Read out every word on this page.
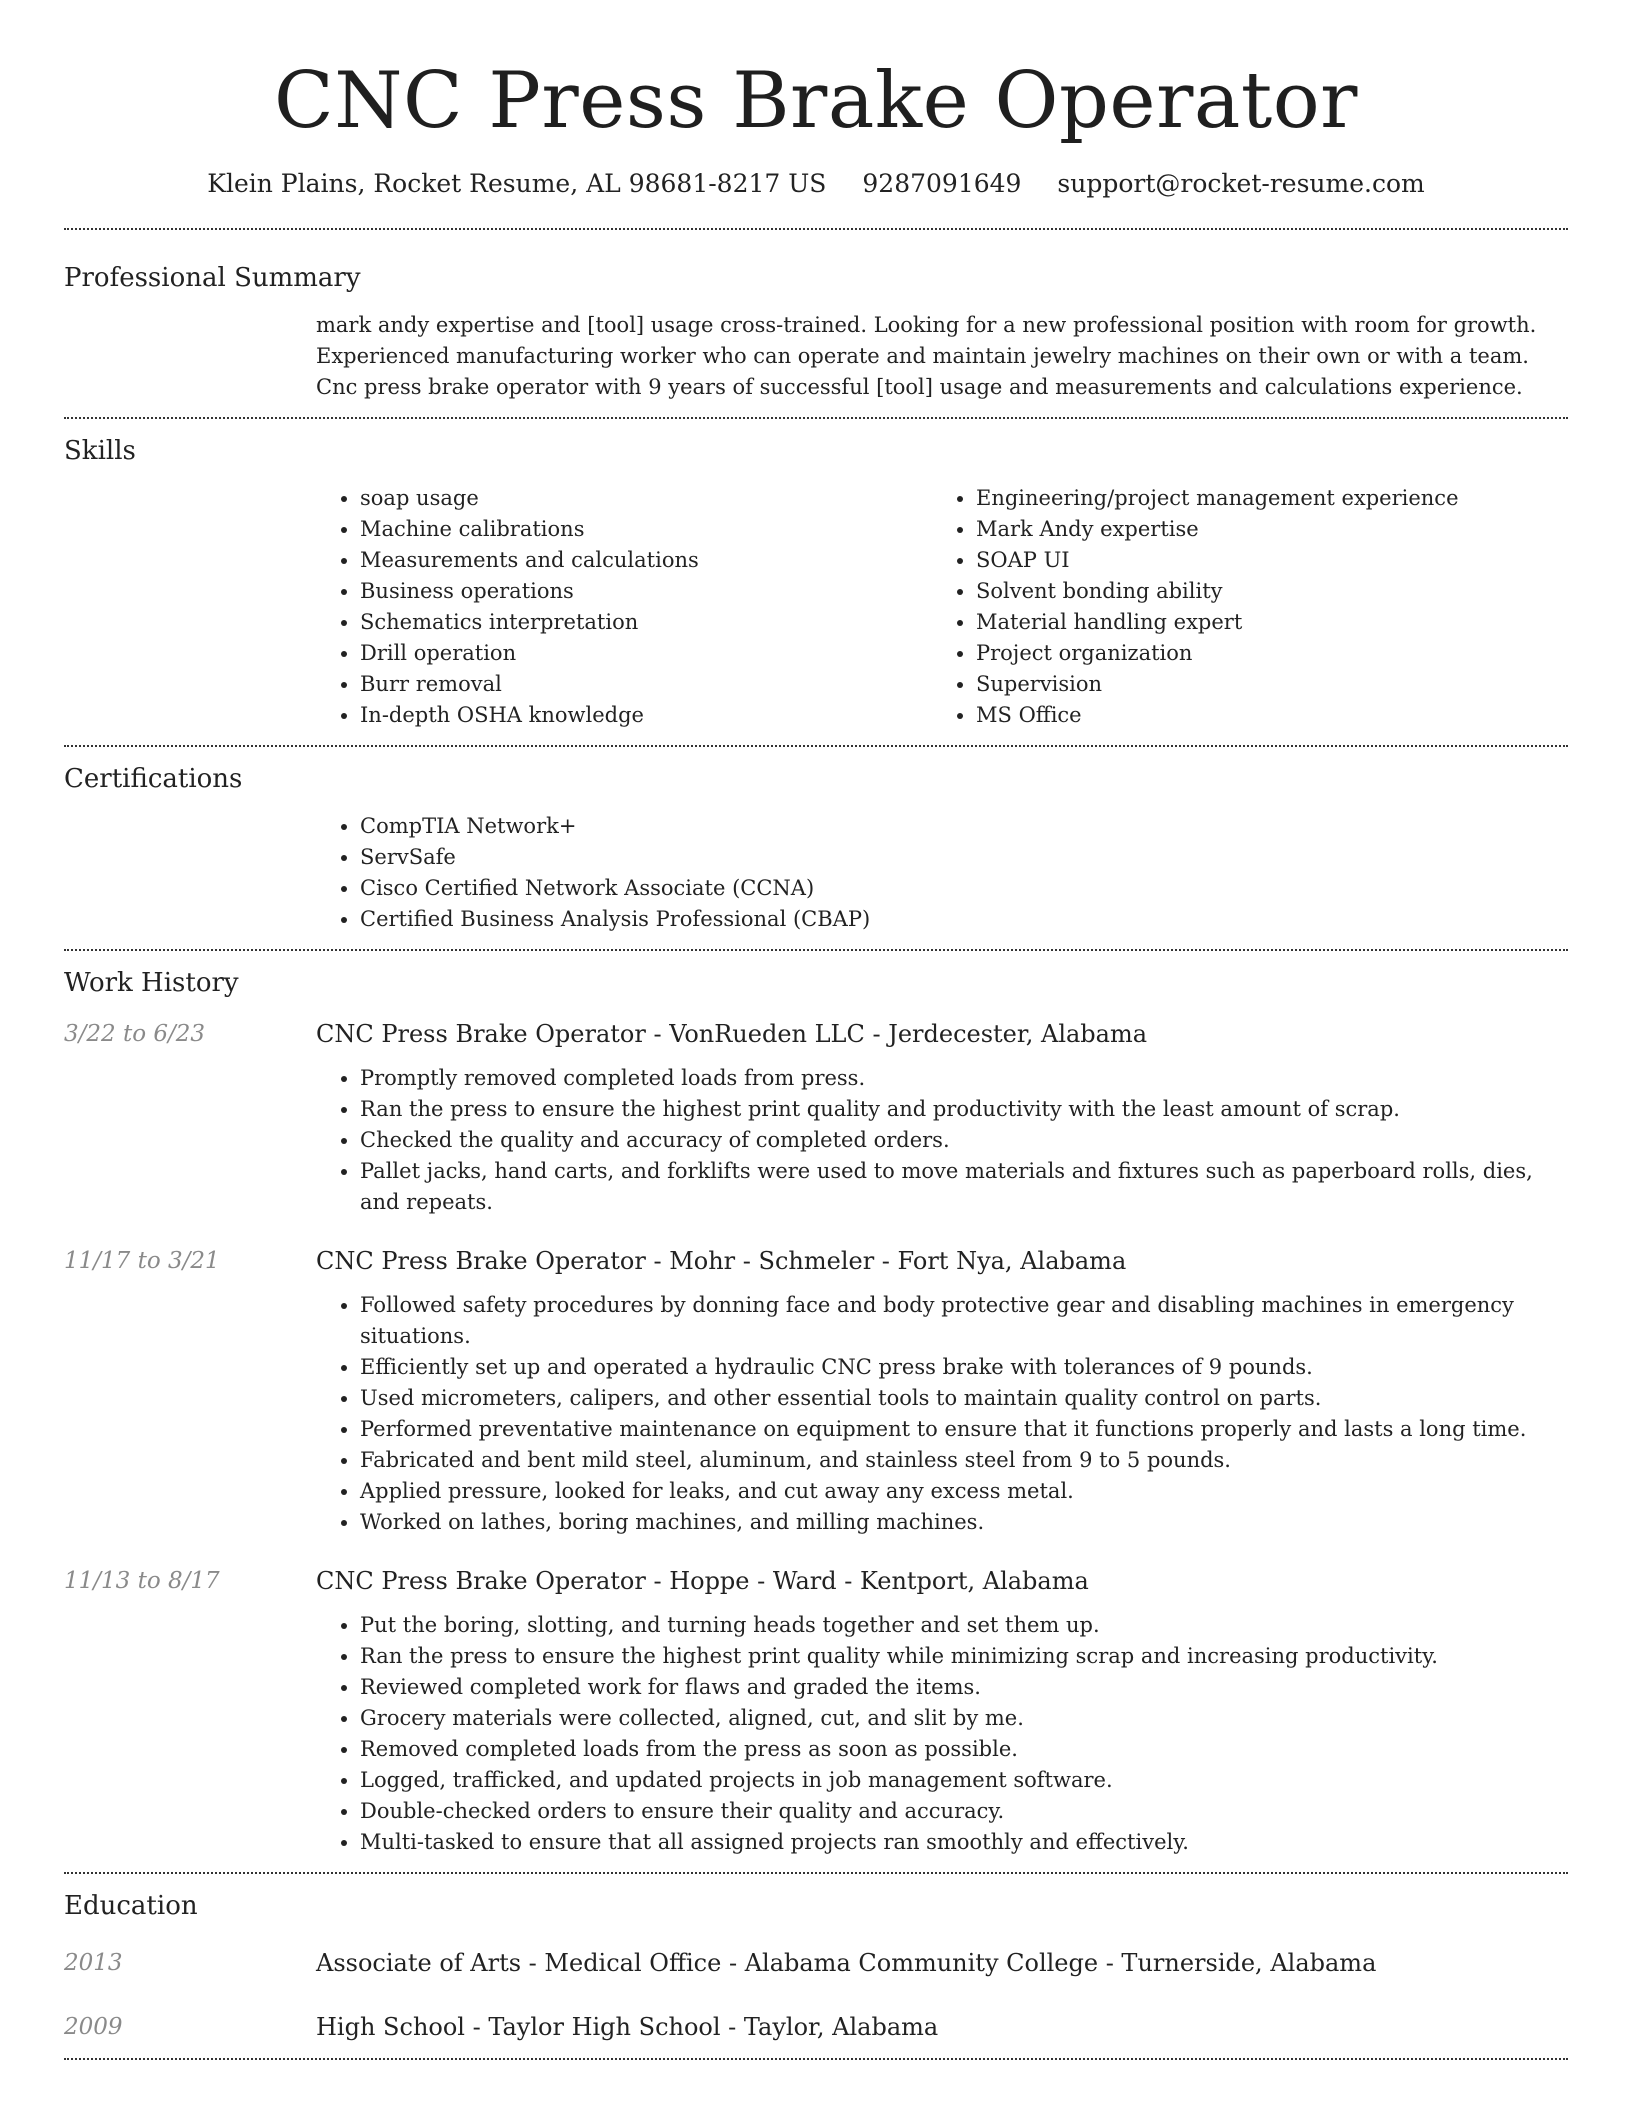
CNC Press Brake Operator
Klein Plains, Rocket Resume, AL 98681-8217 US 9287091649 support@rocket-resume.com
Professional Summary

mark andy expertise and [tool] usage cross-trained. Looking for a new professional position with room for growth. Experienced manufacturing worker who can operate and maintain jewelry machines on their own or with a team. Cnc press brake operator with 9 years of successful [tool] usage and measurements and calculations experience.

Skills
• soap usage
• Machine calibrations
• Measurements and calculations
• Business operations
• Schematics interpretation
• Drill operation
• Burr removal
• In-depth OSHA knowledge
• Engineering/project management experience
• Mark Andy expertise
• SOAP UI
• Solvent bonding ability
• Material handling expert
• Project organization
• Supervision
• MS Office
Certifications
• CompTIA Network+
• ServSafe
• Cisco Certified Network Associate (CCNA)
• Certified Business Analysis Professional (CBAP)
Work History
3/22 to 6/23	CNC Press Brake Operator - VonRueden LLC - Jerdecester, Alabama
• Promptly removed completed loads from press.
• Ran the press to ensure the highest print quality and productivity with the least amount of scrap.
• Checked the quality and accuracy of completed orders.
• Pallet jacks, hand carts, and forklifts were used to move materials and fixtures such as paperboard rolls, dies, and repeats.
11/17 to 3/21	CNC Press Brake Operator - Mohr - Schmeler - Fort Nya, Alabama
• Followed safety procedures by donning face and body protective gear and disabling machines in emergency situations.
• Efficiently set up and operated a hydraulic CNC press brake with tolerances of 9 pounds.
• Used micrometers, calipers, and other essential tools to maintain quality control on parts.
• Performed preventative maintenance on equipment to ensure that it functions properly and lasts a long time.
• Fabricated and bent mild steel, aluminum, and stainless steel from 9 to 5 pounds.
• Applied pressure, looked for leaks, and cut away any excess metal.
• Worked on lathes, boring machines, and milling machines.
11/13 to 8/17	CNC Press Brake Operator - Hoppe - Ward - Kentport, Alabama
• Put the boring, slotting, and turning heads together and set them up.
• Ran the press to ensure the highest print quality while minimizing scrap and increasing productivity.
• Reviewed completed work for flaws and graded the items.
• Grocery materials were collected, aligned, cut, and slit by me.
• Removed completed loads from the press as soon as possible.
• Logged, trafficked, and updated projects in job management software.
• Double-checked orders to ensure their quality and accuracy.
• Multi-tasked to ensure that all assigned projects ran smoothly and effectively.
Education
2013	Associate of Arts - Medical Office - Alabama Community College - Turnerside, Alabama
2009	High School - Taylor High School - Taylor, Alabama
